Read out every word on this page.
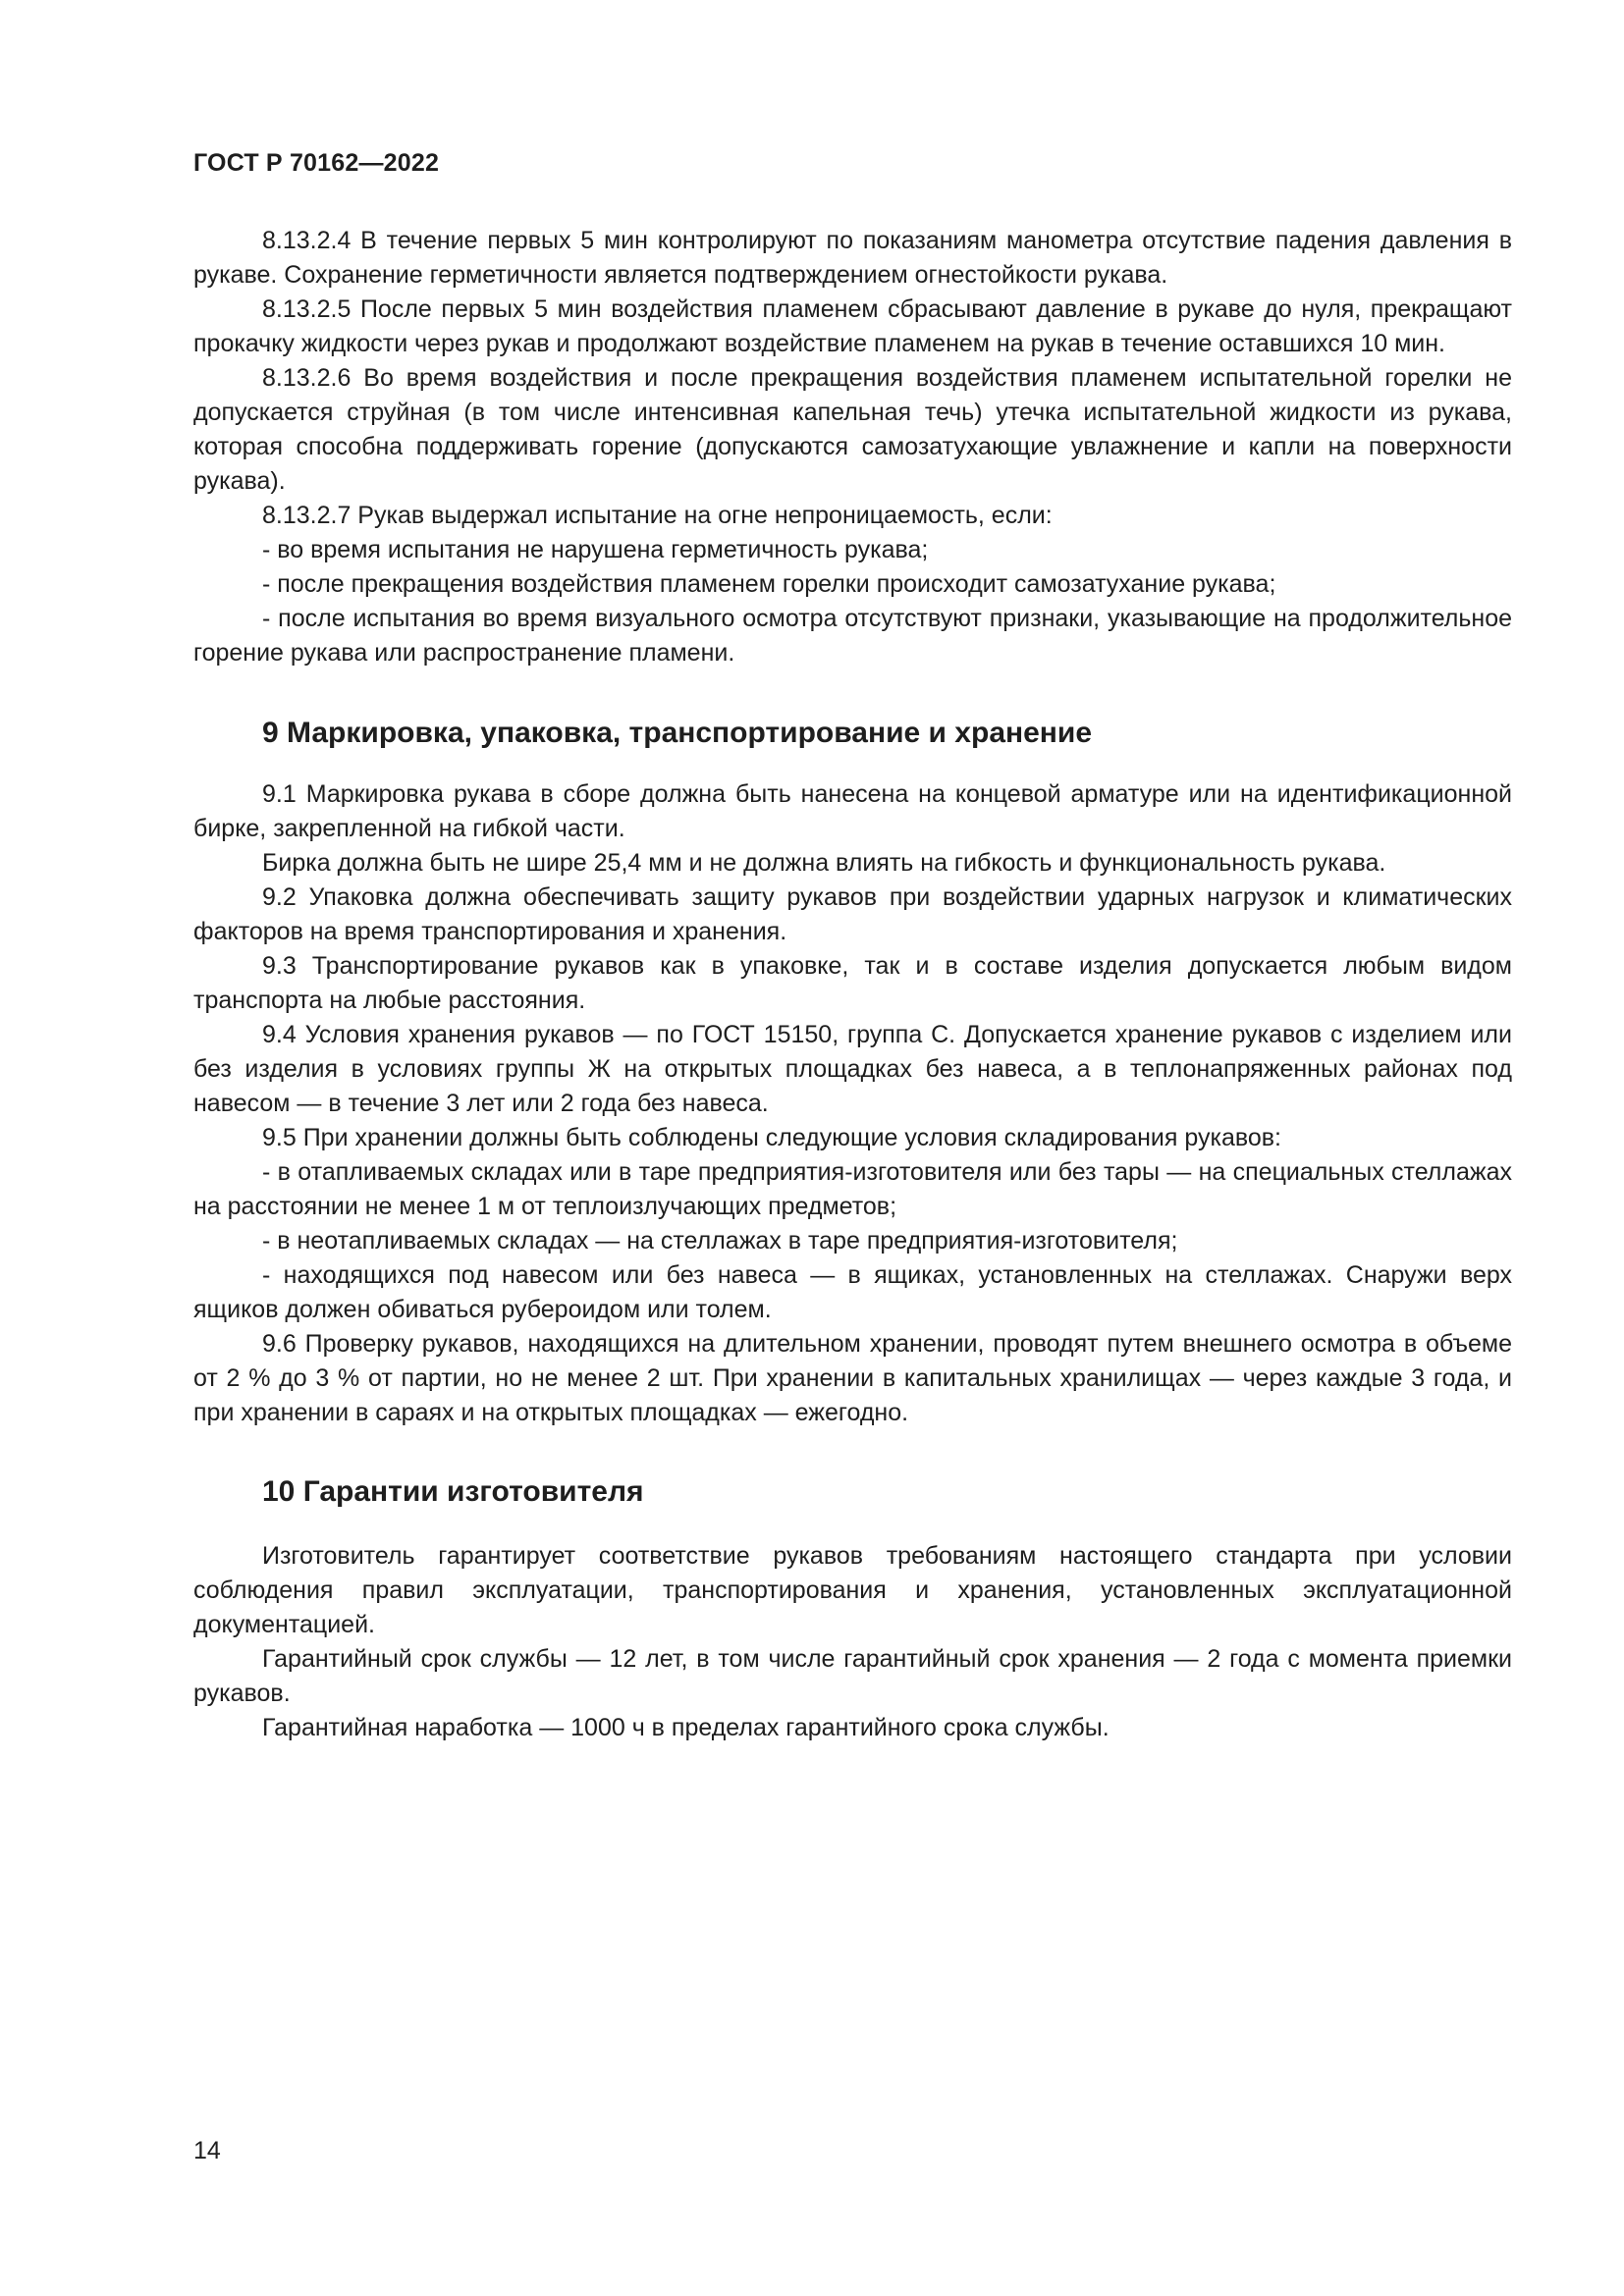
ГОСТ Р 70162—2022

8.13.2.4 В течение первых 5 мин контролируют по показаниям манометра отсутствие падения давления в рукаве. Сохранение герметичности является подтверждением огнестойкости рукава.

8.13.2.5 После первых 5 мин воздействия пламенем сбрасывают давление в рукаве до нуля, прекращают прокачку жидкости через рукав и продолжают воздействие пламенем на рукав в течение оставшихся 10 мин.

8.13.2.6 Во время воздействия и после прекращения воздействия пламенем испытательной горелки не допускается струйная (в том числе интенсивная капельная течь) утечка испытательной жидкости из рукава, которая способна поддерживать горение (допускаются самозатухающие увлажнение и капли на поверхности рукава).

8.13.2.7 Рукав выдержал испытание на огне непроницаемость, если:

- во время испытания не нарушена герметичность рукава;

- после прекращения воздействия пламенем горелки происходит самозатухание рукава;

- после испытания во время визуального осмотра отсутствуют признаки, указывающие на продолжительное горение рукава или распространение пламени.

9 Маркировка, упаковка, транспортирование и хранение

9.1 Маркировка рукава в сборе должна быть нанесена на концевой арматуре или на идентификационной бирке, закрепленной на гибкой части.

Бирка должна быть не шире 25,4 мм и не должна влиять на гибкость и функциональность рукава.

9.2 Упаковка должна обеспечивать защиту рукавов при воздействии ударных нагрузок и климатических факторов на время транспортирования и хранения.

9.3 Транспортирование рукавов как в упаковке, так и в составе изделия допускается любым видом транспорта на любые расстояния.

9.4 Условия хранения рукавов — по ГОСТ 15150, группа С. Допускается хранение рукавов с изделием или без изделия в условиях группы Ж на открытых площадках без навеса, а в теплонапряженных районах под навесом — в течение 3 лет или 2 года без навеса.

9.5 При хранении должны быть соблюдены следующие условия складирования рукавов:

- в отапливаемых складах или в таре предприятия-изготовителя или без тары — на специальных стеллажах на расстоянии не менее 1 м от теплоизлучающих предметов;

- в неотапливаемых складах — на стеллажах в таре предприятия-изготовителя;

- находящихся под навесом или без навеса — в ящиках, установленных на стеллажах. Снаружи верх ящиков должен обиваться рубероидом или толем.

9.6 Проверку рукавов, находящихся на длительном хранении, проводят путем внешнего осмотра в объеме от 2 % до 3 % от партии, но не менее 2 шт. При хранении в капитальных хранилищах — через каждые 3 года, и при хранении в сараях и на открытых площадках — ежегодно.

10 Гарантии изготовителя

Изготовитель гарантирует соответствие рукавов требованиям настоящего стандарта при условии соблюдения правил эксплуатации, транспортирования и хранения, установленных эксплуатационной документацией.

Гарантийный срок службы — 12 лет, в том числе гарантийный срок хранения — 2 года с момента приемки рукавов.

Гарантийная наработка — 1000 ч в пределах гарантийного срока службы.

14
